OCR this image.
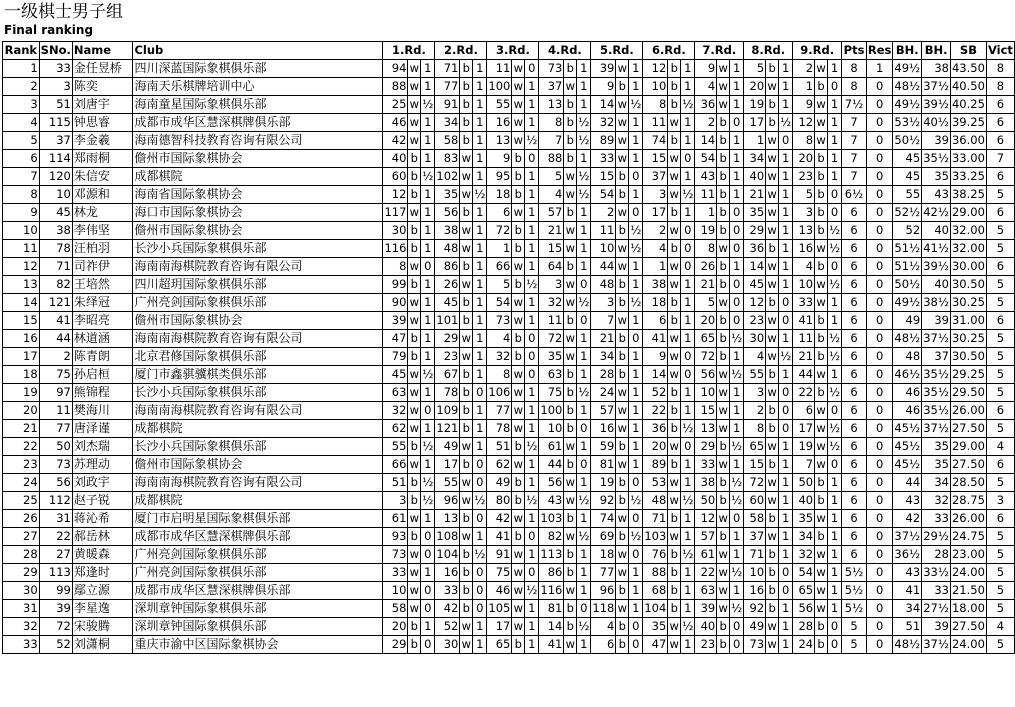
一级棋士男子组
Final ranking
Rank	SNo.	Name	Club	1.Rd.			2.Rd.			3.Rd.			4.Rd.			5.Rd.			6.Rd.			7.Rd.			8.Rd.			9.Rd.			Pts	Res	BH.	BH.	SB	Vict
1	33	金任昱桥	四川深蓝国际象棋俱乐部	94	w	1	71	b	1	11	w	0	73	b	1	39	w	1	12	b	1	9	w	1	5	b	1	2	w	1	8	1	49½	38	43.50	8
2	3	陈奕	海南天乐棋牌培训中心	88	w	1	77	b	1	100	w	1	37	w	1	9	b	1	10	b	1	4	w	1	20	w	1	1	b	0	8	0	48½	37½	40.50	8
3	51	刘唐宇	海南童星国际象棋俱乐部	25	w	½	91	b	1	55	w	1	13	b	1	14	w	½	8	b	½	36	w	1	19	b	1	9	w	1	7½	0	49½	39½	40.25	6
4	115	钟思睿	成都市成华区慧深棋牌俱乐部	46	w	1	34	b	1	16	w	1	8	b	½	32	w	1	11	w	1	2	b	0	17	b	½	12	w	1	7	0	53½	40½	39.25	6
5	37	李金羲	海南德智科技教育咨询有限公司	42	w	1	58	b	1	13	w	½	7	b	½	89	w	1	74	b	1	14	b	1	1	w	0	8	w	1	7	0	50½	39	36.00	6
6	114	郑雨桐	儋州市国际象棋协会	40	b	1	83	w	1	9	b	0	88	b	1	33	w	1	15	w	0	54	b	1	34	w	1	20	b	1	7	0	45	35½	33.00	7
7	120	朱信安	成都棋院	60	b	½	102	w	1	95	b	1	5	w	½	15	b	0	37	w	1	43	b	1	40	w	1	23	b	1	7	0	45	35	33.25	6
8	10	邓源和	海南省国际象棋协会	12	b	1	35	w	½	18	b	1	4	w	½	54	b	1	3	w	½	11	b	1	21	w	1	5	b	0	6½	0	55	43	38.25	5
9	45	林龙	海口市国际象棋协会	117	w	1	56	b	1	6	w	1	57	b	1	2	w	0	17	b	1	1	b	0	35	w	1	3	b	0	6	0	52½	42½	29.00	6
10	38	李伟坚	儋州市国际象棋协会	30	b	1	38	w	1	72	b	1	21	w	1	11	b	½	2	w	0	19	b	0	29	w	1	13	b	½	6	0	52	40	32.00	5
11	78	汪柏羽	长沙小兵国际象棋俱乐部	116	b	1	48	w	1	1	b	1	15	w	1	10	w	½	4	b	0	8	w	0	36	b	1	16	w	½	6	0	51½	41½	32.00	5
12	71	司祚伊	海南南海棋院教育咨询有限公司	8	w	0	86	b	1	66	w	1	64	b	1	44	w	1	1	w	0	26	b	1	14	w	1	4	b	0	6	0	51½	39½	30.00	6
13	82	王培然	四川超玥国际象棋俱乐部	99	b	1	26	w	1	5	b	½	3	w	0	48	b	1	38	w	1	21	b	0	45	w	1	10	w	½	6	0	50½	40	30.50	5
14	121	朱绎冠	广州亮剑国际象棋俱乐部	90	w	1	45	b	1	54	w	1	32	w	½	3	b	½	18	b	1	5	w	0	12	b	0	33	w	1	6	0	49½	38½	30.25	5
15	41	李昭亮	儋州市国际象棋协会	39	w	1	101	b	1	73	w	1	11	b	0	7	w	1	6	b	1	20	b	0	23	w	0	41	b	1	6	0	49	39	31.00	6
16	44	林道涵	海南南海棋院教育咨询有限公司	47	b	1	29	w	1	4	b	0	72	w	1	21	b	0	41	w	1	65	b	½	30	w	1	11	b	½	6	0	48½	37½	30.25	5
17	2	陈青朗	北京君修国际象棋俱乐部	79	b	1	23	w	1	32	b	0	35	w	1	34	b	1	9	w	0	72	b	1	4	w	½	21	b	½	6	0	48	37	30.50	5
18	75	孙启桓	厦门市鑫骐骥棋类俱乐部	45	w	½	67	b	1	8	w	0	63	b	1	28	b	1	14	w	0	56	w	½	55	b	1	44	w	1	6	0	46½	35½	29.25	5
19	97	熊锦程	长沙小兵国际象棋俱乐部	63	w	1	78	b	0	106	w	1	75	b	½	24	w	1	52	b	1	10	w	1	3	w	0	22	b	½	6	0	46	35½	29.50	5
20	11	樊海川	海南南海棋院教育咨询有限公司	32	w	0	109	b	1	77	w	1	100	b	1	57	w	1	22	b	1	15	w	1	2	b	0	6	w	0	6	0	46	35½	26.00	6
21	77	唐泽谨	成都棋院	62	w	1	121	b	1	78	w	1	10	b	0	16	w	1	36	b	½	13	w	1	8	b	0	17	w	½	6	0	45½	37½	27.50	5
22	50	刘杰瑞	长沙小兵国际象棋俱乐部	55	b	½	49	w	1	51	b	½	61	w	1	59	b	1	20	w	0	29	b	½	65	w	1	19	w	½	6	0	45½	35	29.00	4
23	73	苏理动	儋州市国际象棋协会	66	w	1	17	b	0	62	w	1	44	b	0	81	w	1	89	b	1	33	w	1	15	b	1	7	w	0	6	0	45½	35	27.50	6
24	56	刘政宇	海南南海棋院教育咨询有限公司	51	b	½	55	w	0	49	b	1	56	w	1	19	b	0	53	w	1	38	b	½	72	w	1	50	b	1	6	0	44	34	28.50	5
25	112	赵子锐	成都棋院	3	b	½	96	w	½	80	b	½	43	w	½	92	b	½	48	w	½	50	b	½	60	w	1	40	b	1	6	0	43	32	28.75	3
26	31	蒋沁希	厦门市启明星国际象棋俱乐部	61	w	1	13	b	0	42	w	1	103	b	1	74	w	0	71	b	1	12	w	0	58	b	1	35	w	1	6	0	42	33	26.00	6
27	22	郝岳林	成都市成华区慧深棋牌俱乐部	93	b	0	108	w	1	41	b	0	82	w	½	69	b	½	103	w	1	57	b	1	37	w	1	34	b	1	6	0	37½	29½	24.75	5
28	27	黄暖森	广州亮剑国际象棋俱乐部	73	w	0	104	b	½	91	w	1	113	b	1	18	w	0	76	b	½	61	w	1	71	b	1	32	w	1	6	0	36½	28	23.00	5
29	113	郑逢时	广州亮剑国际象棋俱乐部	33	w	1	16	b	0	75	w	0	86	b	1	77	w	1	88	b	1	22	w	½	10	b	0	54	w	1	5½	0	43	33½	24.00	5
30	99	鄢立源	成都市成华区慧深棋牌俱乐部	10	w	0	33	b	0	46	w	½	116	w	1	96	b	1	68	b	1	63	w	1	16	b	0	65	w	1	5½	0	41	33	21.50	5
31	39	李星逸	深圳章钟国际象棋俱乐部	58	w	0	42	b	0	105	w	1	81	b	0	118	w	1	104	b	1	39	w	½	92	b	1	56	w	1	5½	0	34	27½	18.00	5
32	72	宋骏腾	深圳章钟国际象棋俱乐部	20	b	1	52	w	1	17	w	1	14	b	½	4	b	0	35	w	½	40	b	0	49	w	1	28	b	0	5	0	51	39	27.50	4
33	52	刘潇桐	重庆市渝中区国际象棋协会	29	b	0	30	w	1	65	b	1	41	w	1	6	b	0	47	w	1	23	b	0	73	w	1	24	b	0	5	0	48½	37½	24.00	5
